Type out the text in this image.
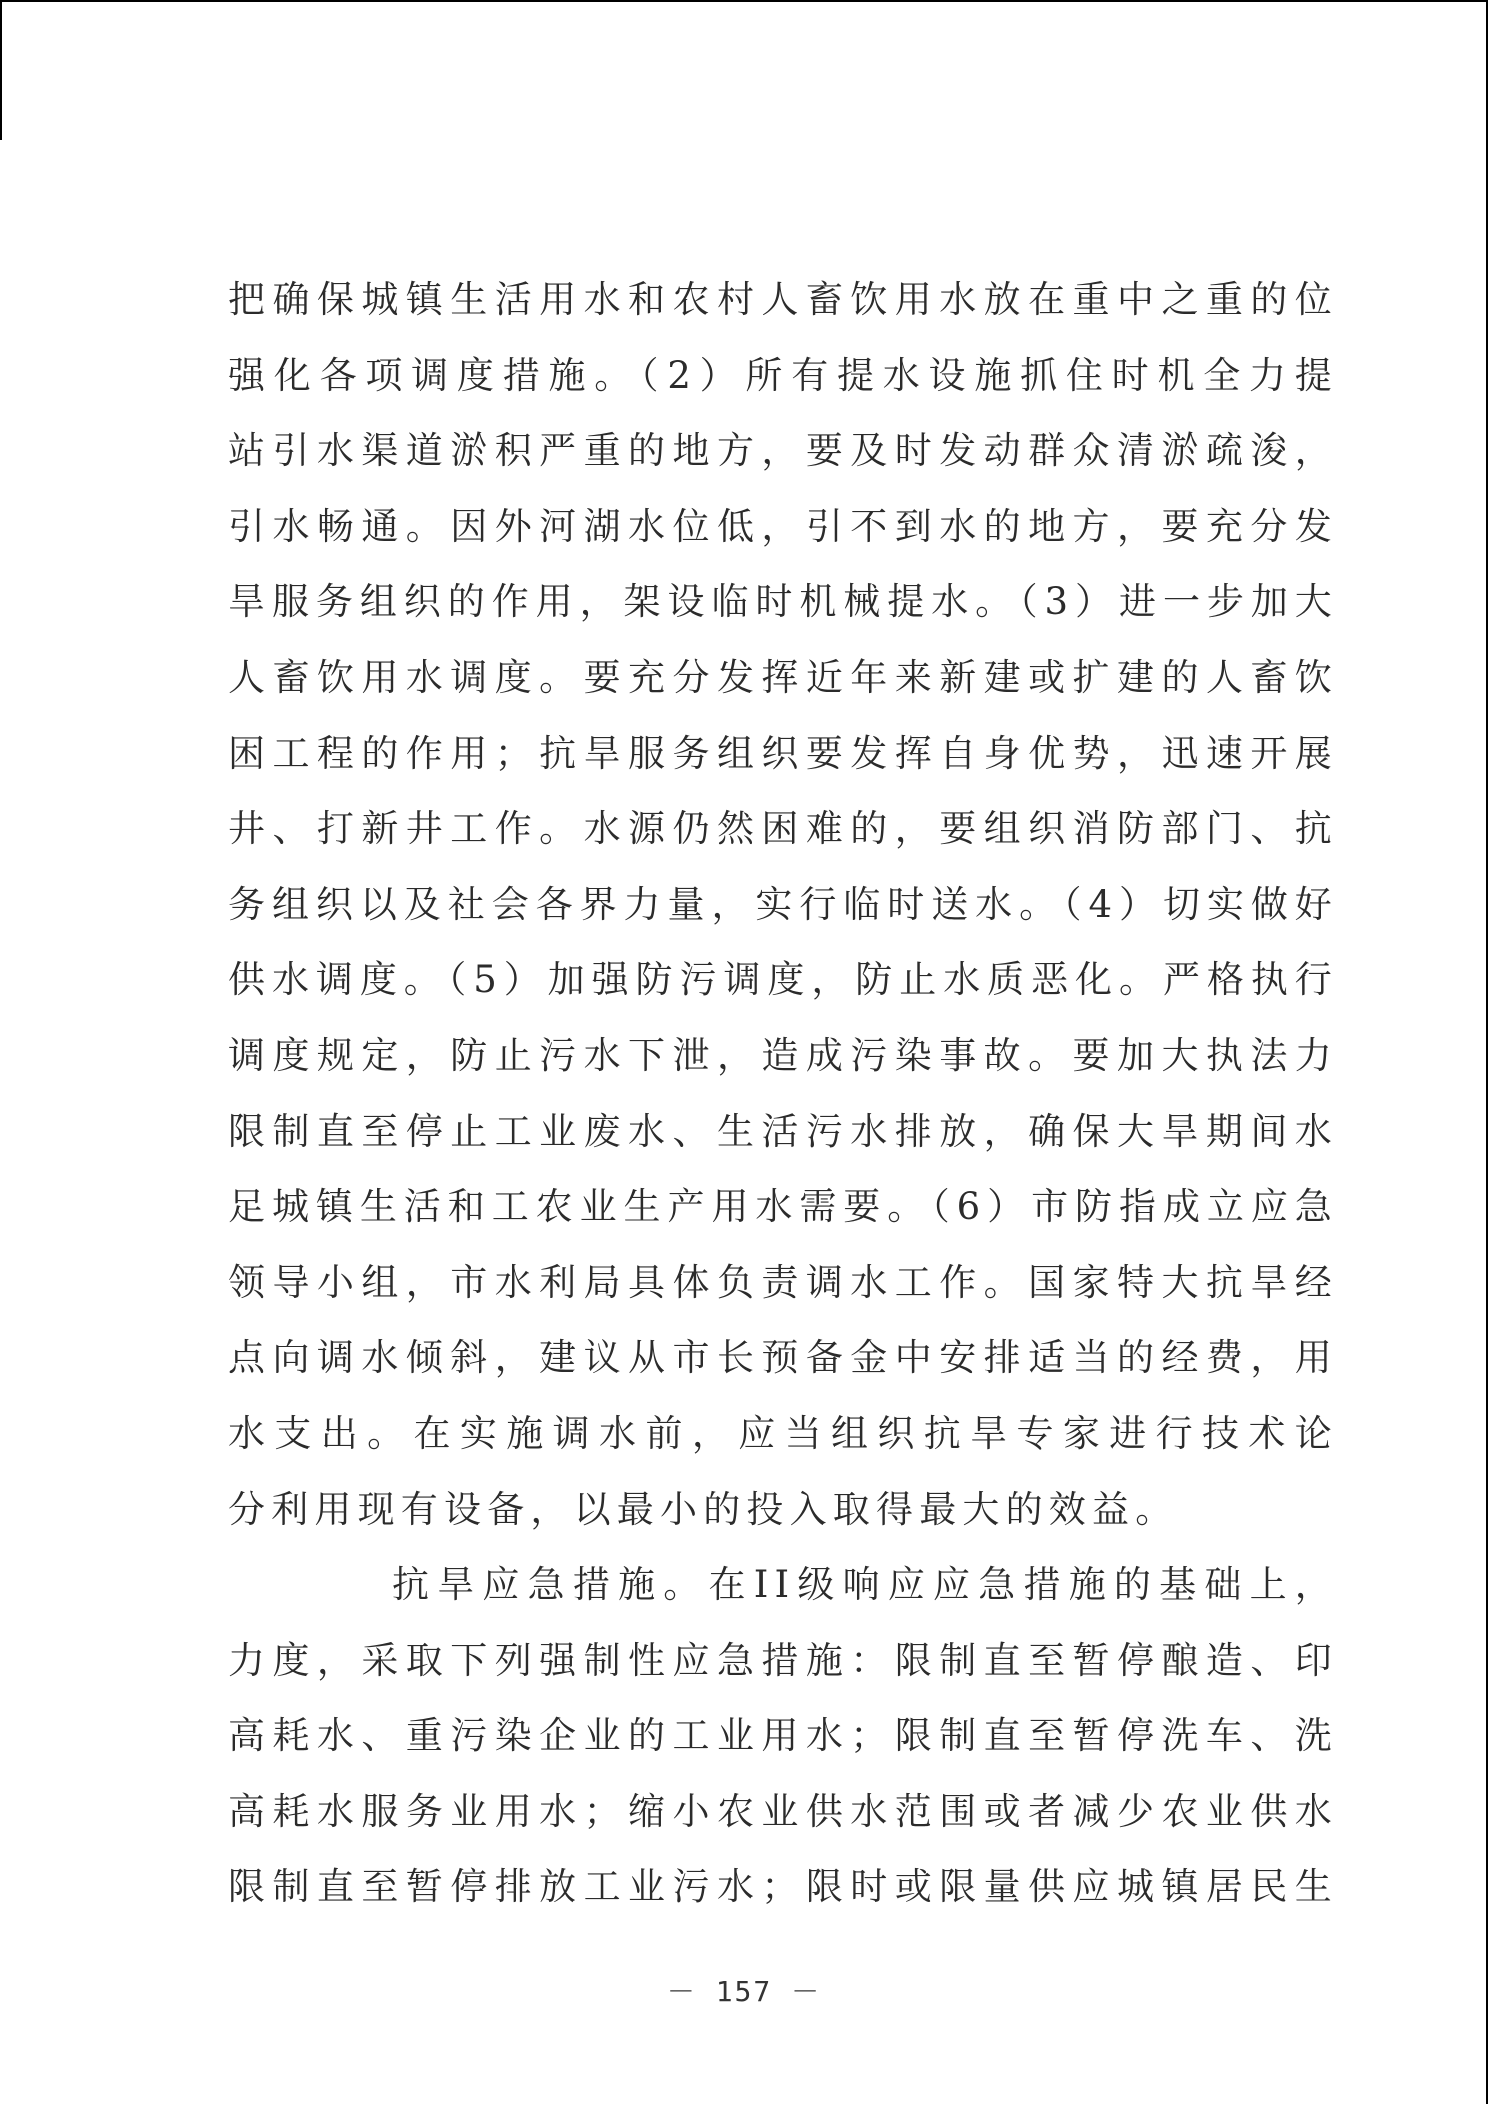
把确保城镇生活用水和农村人畜饮用水放在重中之重的位
强化各项调度措施。（2）所有提水设施抓住时机全力提
站引水渠道淤积严重的地方，要及时发动群众清淤疏浚，
引水畅通。因外河湖水位低，引不到水的地方，要充分发
旱服务组织的作用，架设临时机械提水。（3）进一步加大
人畜饮用水调度。要充分发挥近年来新建或扩建的人畜饮
困工程的作用；抗旱服务组织要发挥自身优势，迅速开展
井、打新井工作。水源仍然困难的，要组织消防部门、抗
务组织以及社会各界力量，实行临时送水。（4）切实做好
供水调度。（5）加强防污调度，防止水质恶化。严格执行
调度规定，防止污水下泄，造成污染事故。要加大执法力
限制直至停止工业废水、生活污水排放，确保大旱期间水
足城镇生活和工农业生产用水需要。（6）市防指成立应急
领导小组，市水利局具体负责调水工作。国家特大抗旱经
点向调水倾斜，建议从市长预备金中安排适当的经费，用
水支出。在实施调水前，应当组织抗旱专家进行技术论
分利用现有设备，以最小的投入取得最大的效益。
抗旱应急措施。在II级响应应急措施的基础上，
力度，采取下列强制性应急措施：限制直至暂停酿造、印
高耗水、重污染企业的工业用水；限制直至暂停洗车、洗
高耗水服务业用水；缩小农业供水范围或者减少农业供水
限制直至暂停排放工业污水；限时或限量供应城镇居民生
－ 157 －
